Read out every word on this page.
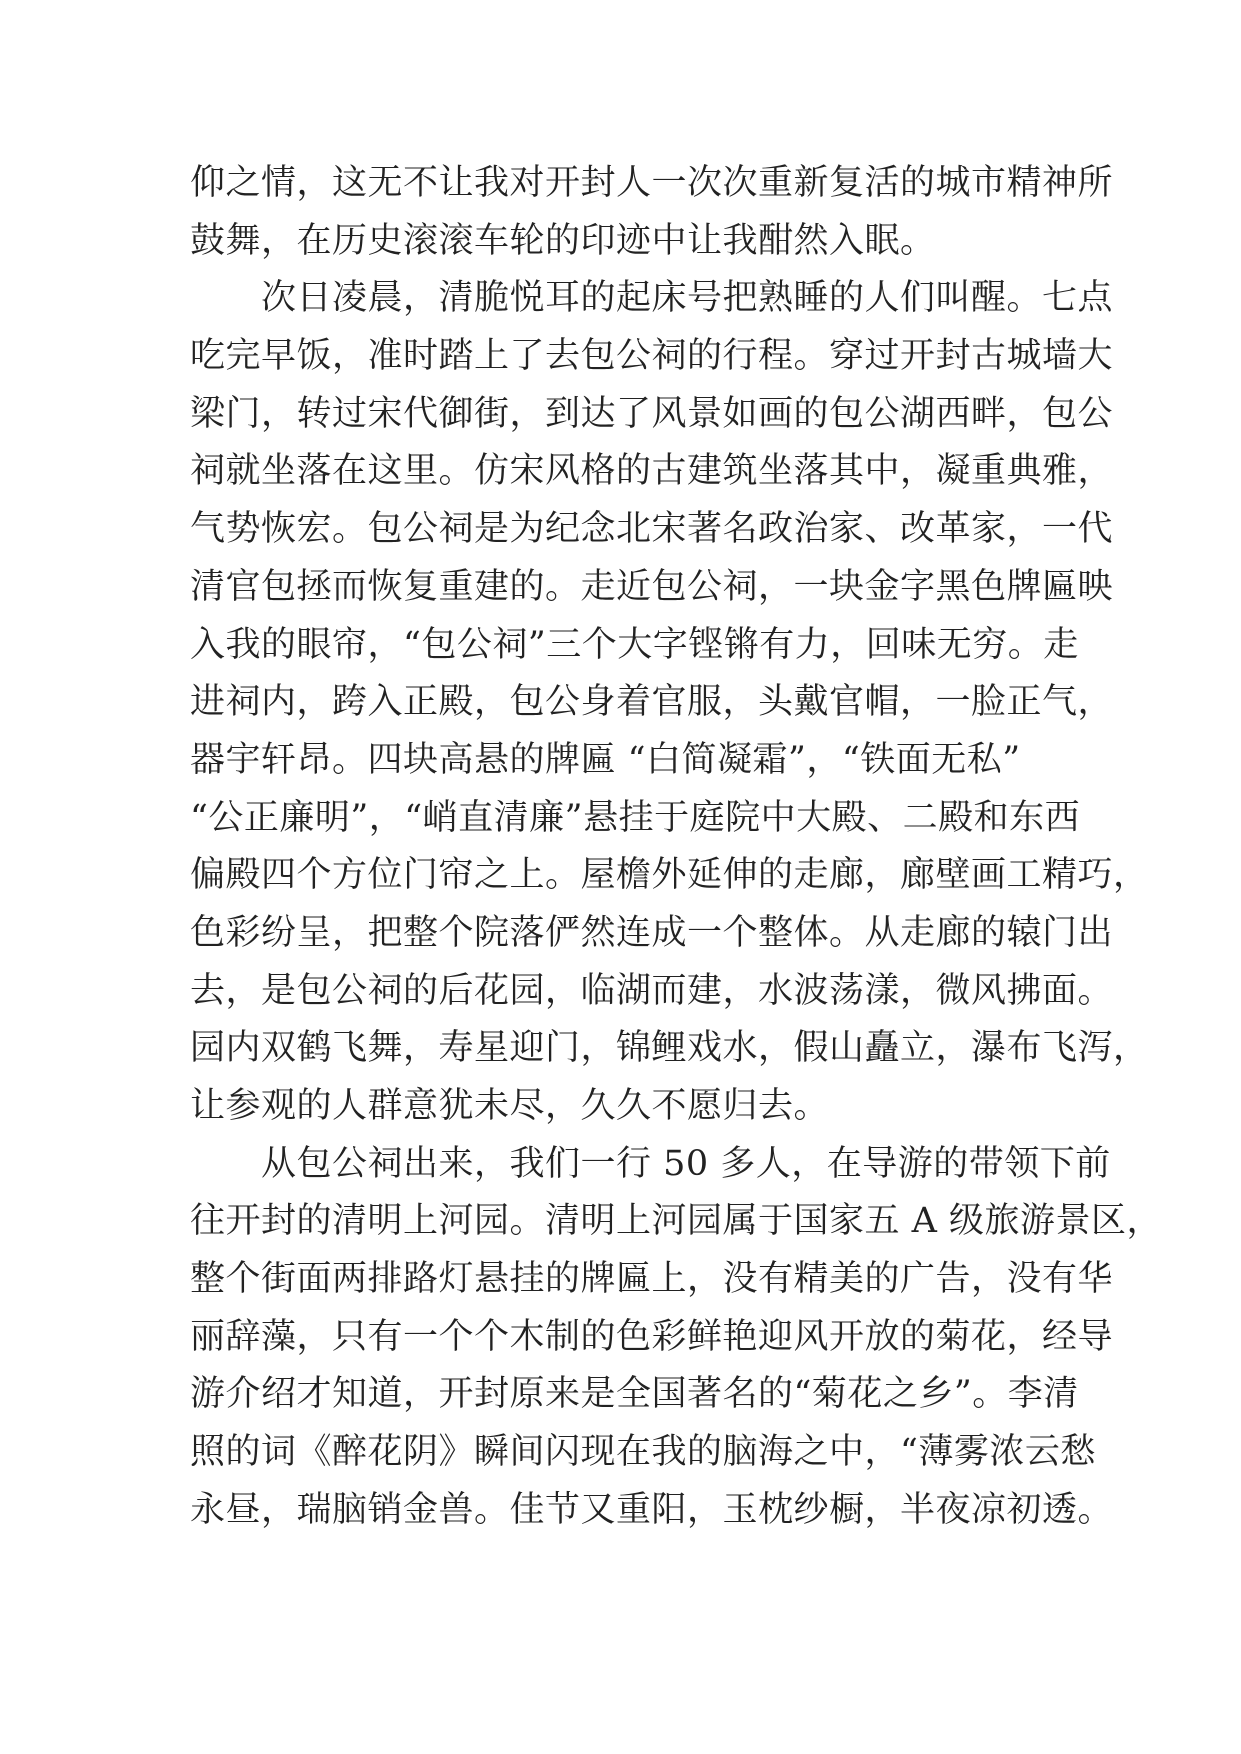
仰之情，这无不让我对开封人一次次重新复活的城市精神所
鼓舞，在历史滚滚车轮的印迹中让我酣然入眠。
　　次日凌晨，清脆悦耳的起床号把熟睡的人们叫醒。七点
吃完早饭，准时踏上了去包公祠的行程。穿过开封古城墙大
梁门，转过宋代御街，到达了风景如画的包公湖西畔，包公
祠就坐落在这里。仿宋风格的古建筑坐落其中，凝重典雅，
气势恢宏。包公祠是为纪念北宋著名政治家、改革家，一代
清官包拯而恢复重建的。走近包公祠，一块金字黑色牌匾映
入我的眼帘，“包公祠”三个大字铿锵有力，回味无穷。走
进祠内，跨入正殿，包公身着官服，头戴官帽，一脸正气，
器宇轩昂。四块高悬的牌匾 “白简凝霜”，“铁面无私”
“公正廉明”，“峭直清廉”悬挂于庭院中大殿、二殿和东西
偏殿四个方位门帘之上。屋檐外延伸的走廊，廊壁画工精巧，
色彩纷呈，把整个院落俨然连成一个整体。从走廊的辕门出
去，是包公祠的后花园，临湖而建，水波荡漾，微风拂面。
园内双鹤飞舞，寿星迎门，锦鲤戏水，假山矗立，瀑布飞泻，
让参观的人群意犹未尽，久久不愿归去。
　　从包公祠出来，我们一行 50 多人，在导游的带领下前
往开封的清明上河园。清明上河园属于国家五 A 级旅游景区，
整个街面两排路灯悬挂的牌匾上，没有精美的广告，没有华
丽辞藻，只有一个个木制的色彩鲜艳迎风开放的菊花，经导
游介绍才知道，开封原来是全国著名的“菊花之乡”。李清
照的词《醉花阴》瞬间闪现在我的脑海之中，“薄雾浓云愁
永昼，瑞脑销金兽。佳节又重阳，玉枕纱橱，半夜凉初透。
